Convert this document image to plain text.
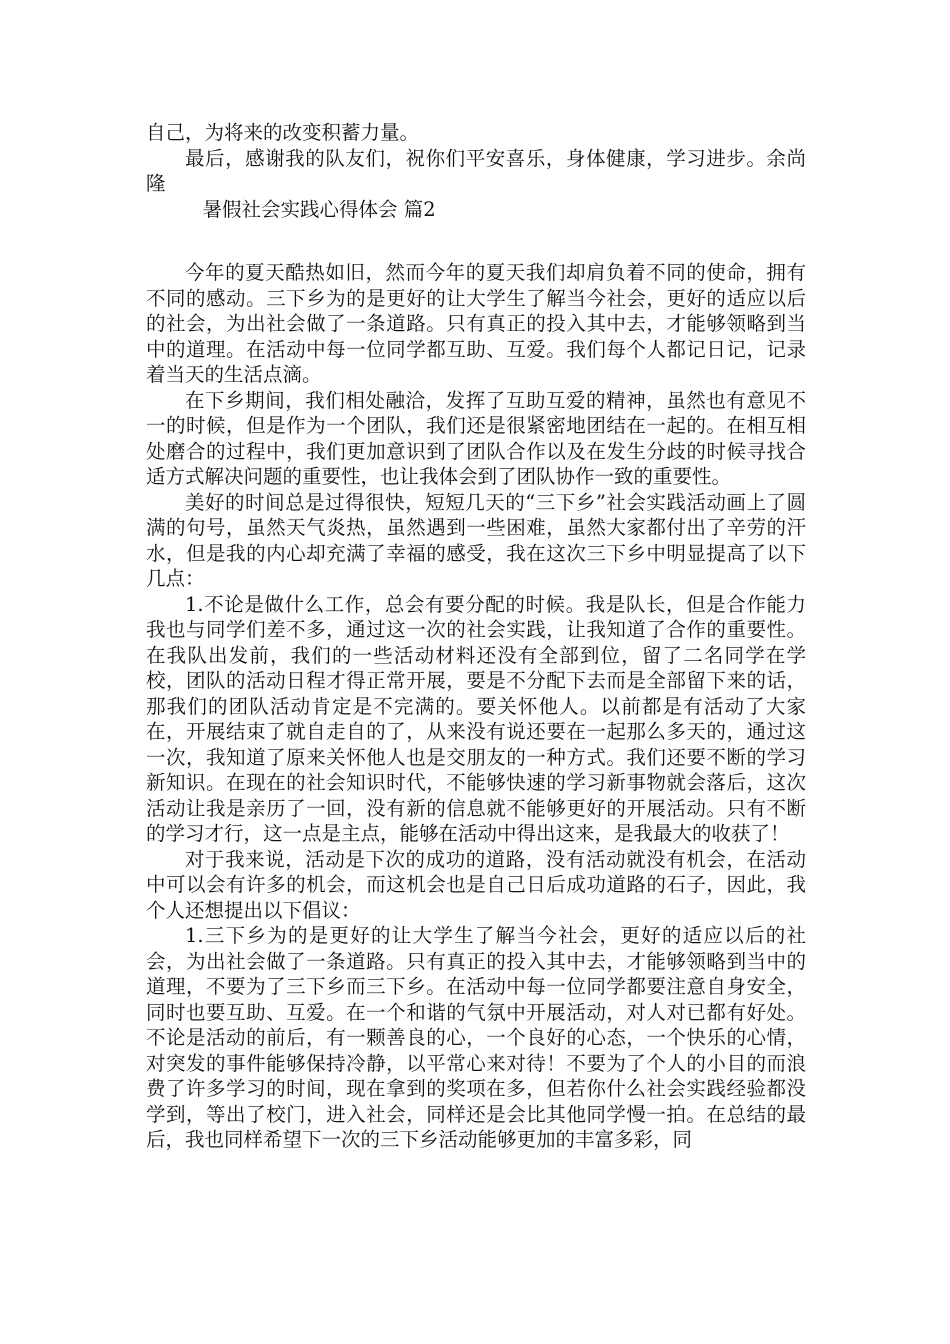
自己，为将来的改变积蓄力量。

最后，感谢我的队友们，祝你们平安喜乐，身体健康，学习进步。余尚隆

暑假社会实践心得体会 篇2

今年的夏天酷热如旧，然而今年的夏天我们却肩负着不同的使命，拥有不同的感动。三下乡为的是更好的让大学生了解当今社会，更好的适应以后的社会，为出社会做了一条道路。只有真正的投入其中去，才能够领略到当中的道理。在活动中每一位同学都互助、互爱。我们每个人都记日记，记录着当天的生活点滴。

在下乡期间，我们相处融洽，发挥了互助互爱的精神，虽然也有意见不一的时候，但是作为一个团队，我们还是很紧密地团结在一起的。在相互相处磨合的过程中，我们更加意识到了团队合作以及在发生分歧的时候寻找合适方式解决问题的重要性，也让我体会到了团队协作一致的重要性。

美好的时间总是过得很快，短短几天的“三下乡”社会实践活动画上了圆满的句号，虽然天气炎热，虽然遇到一些困难，虽然大家都付出了辛劳的汗水，但是我的内心却充满了幸福的感受，我在这次三下乡中明显提高了以下几点：

1.不论是做什么工作，总会有要分配的时候。我是队长，但是合作能力我也与同学们差不多，通过这一次的社会实践，让我知道了合作的重要性。在我队出发前，我们的一些活动材料还没有全部到位，留了二名同学在学校，团队的活动日程才得正常开展，要是不分配下去而是全部留下来的话，那我们的团队活动肯定是不完满的。要关怀他人。以前都是有活动了大家在，开展结束了就自走自的了，从来没有说还要在一起那么多天的，通过这一次，我知道了原来关怀他人也是交朋友的一种方式。我们还要不断的学习新知识。在现在的社会知识时代，不能够快速的学习新事物就会落后，这次活动让我是亲历了一回，没有新的信息就不能够更好的开展活动。只有不断的学习才行，这一点是主点，能够在活动中得出这来，是我最大的收获了！

对于我来说，活动是下次的成功的道路，没有活动就没有机会，在活动中可以会有许多的机会，而这机会也是自己日后成功道路的石子，因此，我个人还想提出以下倡议：

1.三下乡为的是更好的让大学生了解当今社会，更好的适应以后的社会，为出社会做了一条道路。只有真正的投入其中去，才能够领略到当中的道理，不要为了三下乡而三下乡。在活动中每一位同学都要注意自身安全，同时也要互助、互爱。在一个和谐的气氛中开展活动，对人对已都有好处。不论是活动的前后，有一颗善良的心，一个良好的心态，一个快乐的心情，对突发的事件能够保持冷静，以平常心来对待！不要为了个人的小目的而浪费了许多学习的时间，现在拿到的奖项在多，但若你什么社会实践经验都没学到，等出了校门，进入社会，同样还是会比其他同学慢一拍。在总结的最后，我也同样希望下一次的三下乡活动能够更加的丰富多彩，同
